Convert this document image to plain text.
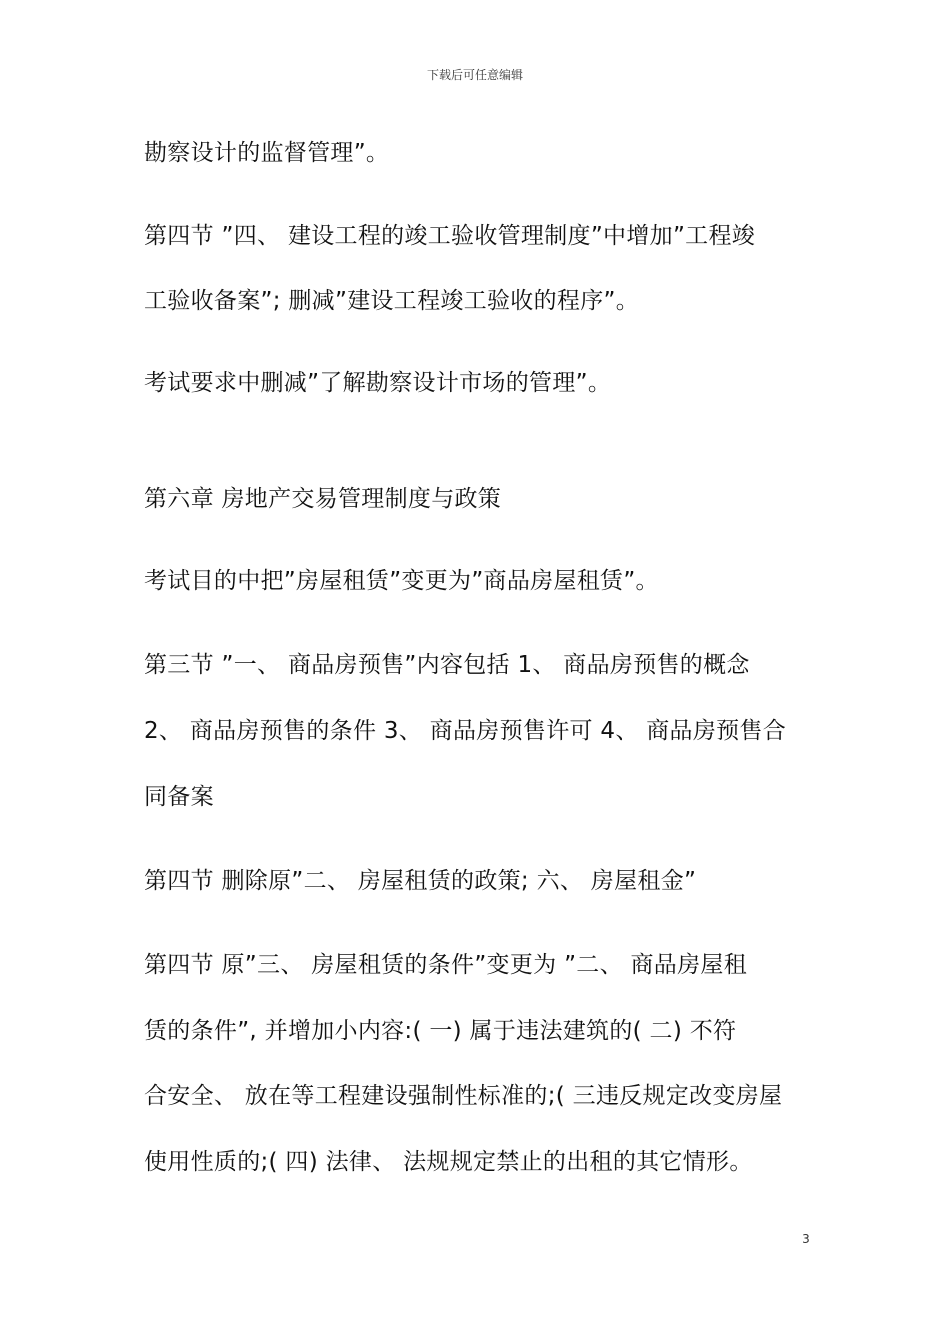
下载后可任意编辑
勘察设计的监督管理”。
第四节 ”四、 建设工程的竣工验收管理制度”中增加”工程竣
工验收备案”; 删减”建设工程竣工验收的程序”。
考试要求中删减”了解勘察设计市场的管理”。
第六章 房地产交易管理制度与政策
考试目的中把”房屋租赁”变更为”商品房屋租赁”。
第三节 ”一、 商品房预售”内容包括 1、 商品房预售的概念
2、 商品房预售的条件 3、 商品房预售许可 4、 商品房预售合
同备案
第四节 删除原”二、 房屋租赁的政策; 六、 房屋租金”
第四节 原”三、 房屋租赁的条件”变更为 ”二、 商品房屋租
赁的条件”, 并增加小内容:( 一) 属于违法建筑的( 二) 不符
合安全、 放在等工程建设强制性标准的;( 三违反规定改变房屋
使用性质的;( 四) 法律、 法规规定禁止的出租的其它情形。
3
